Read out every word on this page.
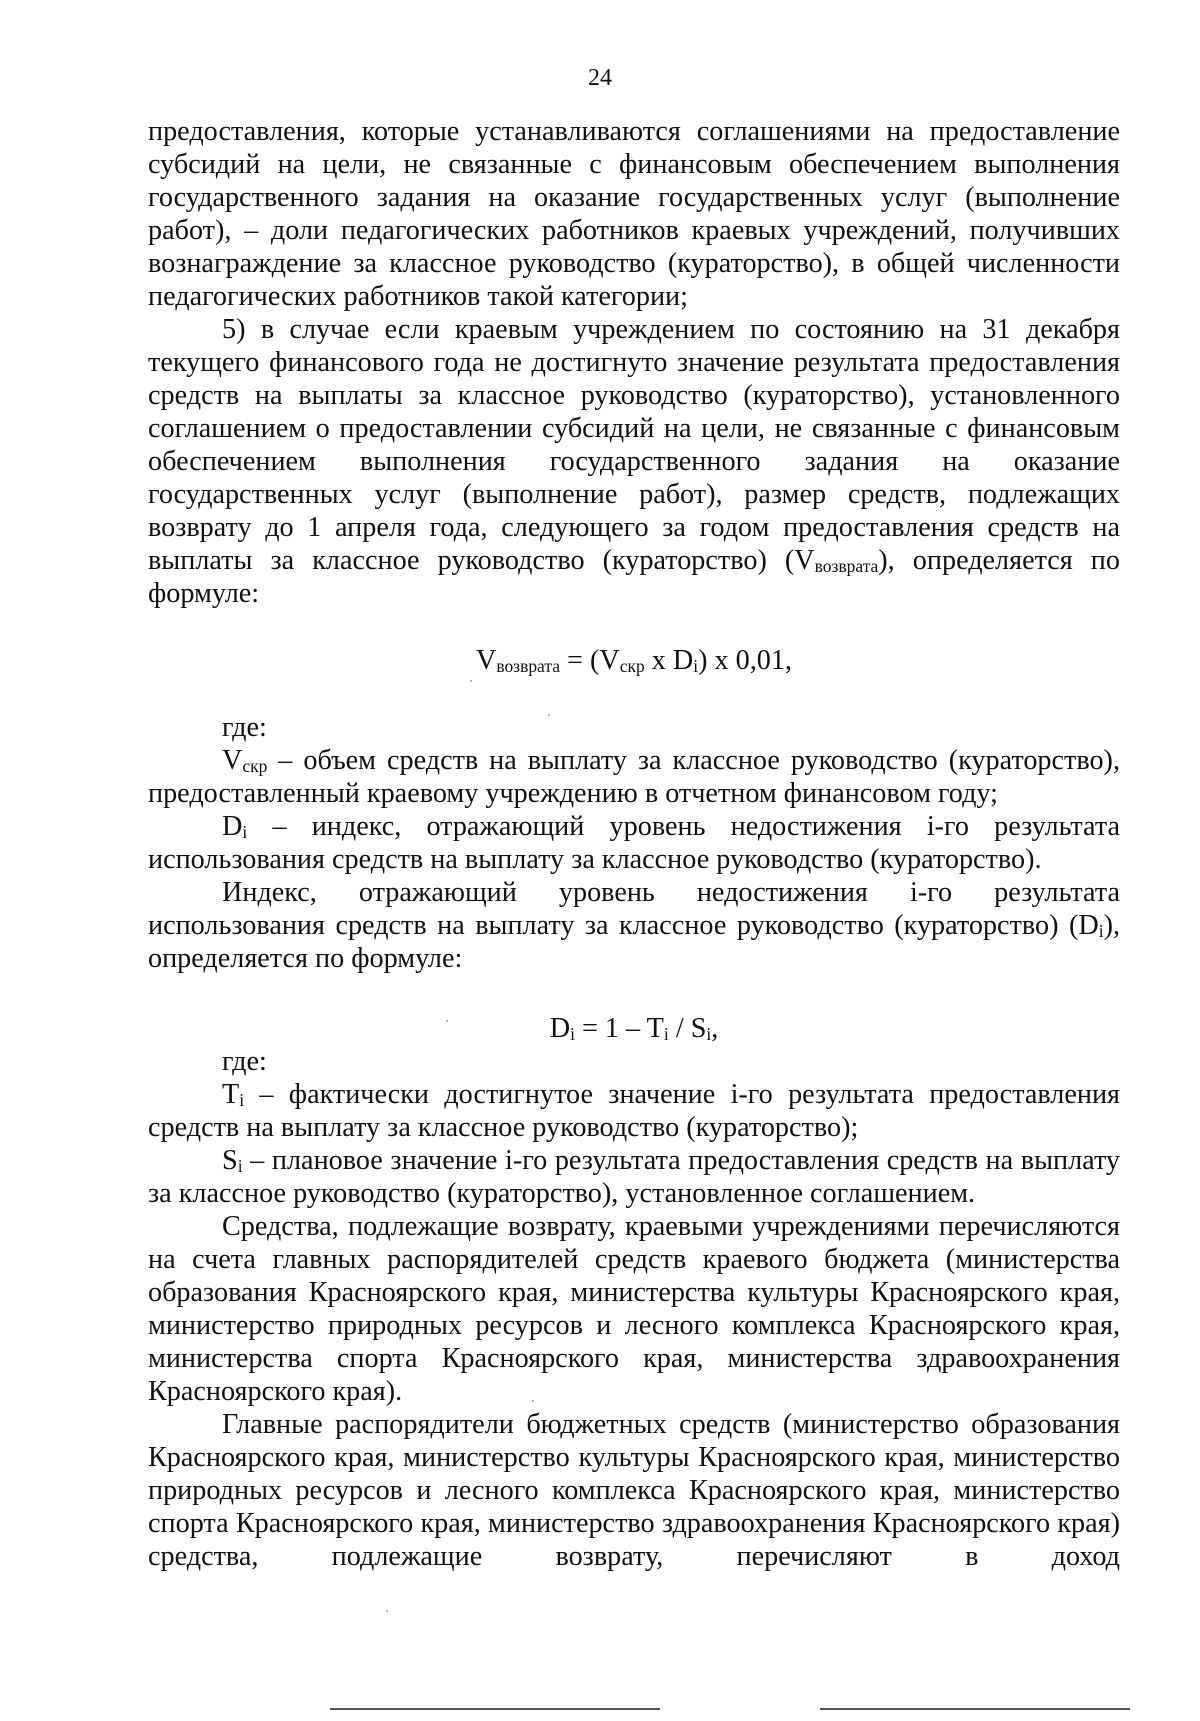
24

предоставления, которые устанавливаются соглашениями на предоставление субсидий на цели, не связанные с финансовым обеспечением выполнения государственного задания на оказание государственных услуг (выполнение работ), – доли педагогических работников краевых учреждений, получивших вознаграждение за классное руководство (кураторство), в общей численности педагогических работников такой категории;

5) в случае если краевым учреждением по состоянию на 31 декабря текущего финансового года не достигнуто значение результата предоставления средств на выплаты за классное руководство (кураторство), установленного соглашением о предоставлении субсидий на цели, не связанные с финансовым обеспечением выполнения государственного задания на оказание государственных услуг (выполнение работ), размер средств, подлежащих возврату до 1 апреля года, следующего за годом предоставления средств на выплаты за классное руководство (кураторство) $(V_{возврата})$, определяется по формуле:

$V_{возврата} = (V_{скр}$ x $D_i$) x 0,01,

где:

$V_{скр}$ – объем средств на выплату за классное руководство (кураторство), предоставленный краевому учреждению в отчетном финансовом году;

$D_i$ – индекс, отражающий уровень недостижения i-го результата использования средств на выплату за классное руководство (кураторство).

Индекс, отражающий уровень недостижения i-го результата использования средств на выплату за классное руководство (кураторство) $(D_i)$, определяется по формуле:

$D_i = 1 - T_i / S_i$,

где:

$T_i$ – фактически достигнутое значение i-го результата предоставления средств на выплату за классное руководство (кураторство);

$S_i$ – плановое значение i-го результата предоставления средств на выплату за классное руководство (кураторство), установленное соглашением.

Средства, подлежащие возврату, краевыми учреждениями перечисляются на счета главных распорядителей средств краевого бюджета (министерства образования Красноярского края, министерства культуры Красноярского края, министерство природных ресурсов и лесного комплекса Красноярского края, министерства спорта Красноярского края, министерства здравоохранения Красноярского края).

Главные распорядители бюджетных средств (министерство образования Красноярского края, министерство культуры Красноярского края, министерство природных ресурсов и лесного комплекса Красноярского края, министерство спорта Красноярского края, министерство здравоохранения Красноярского края) средства, подлежащие возврату, перечисляют в доход
